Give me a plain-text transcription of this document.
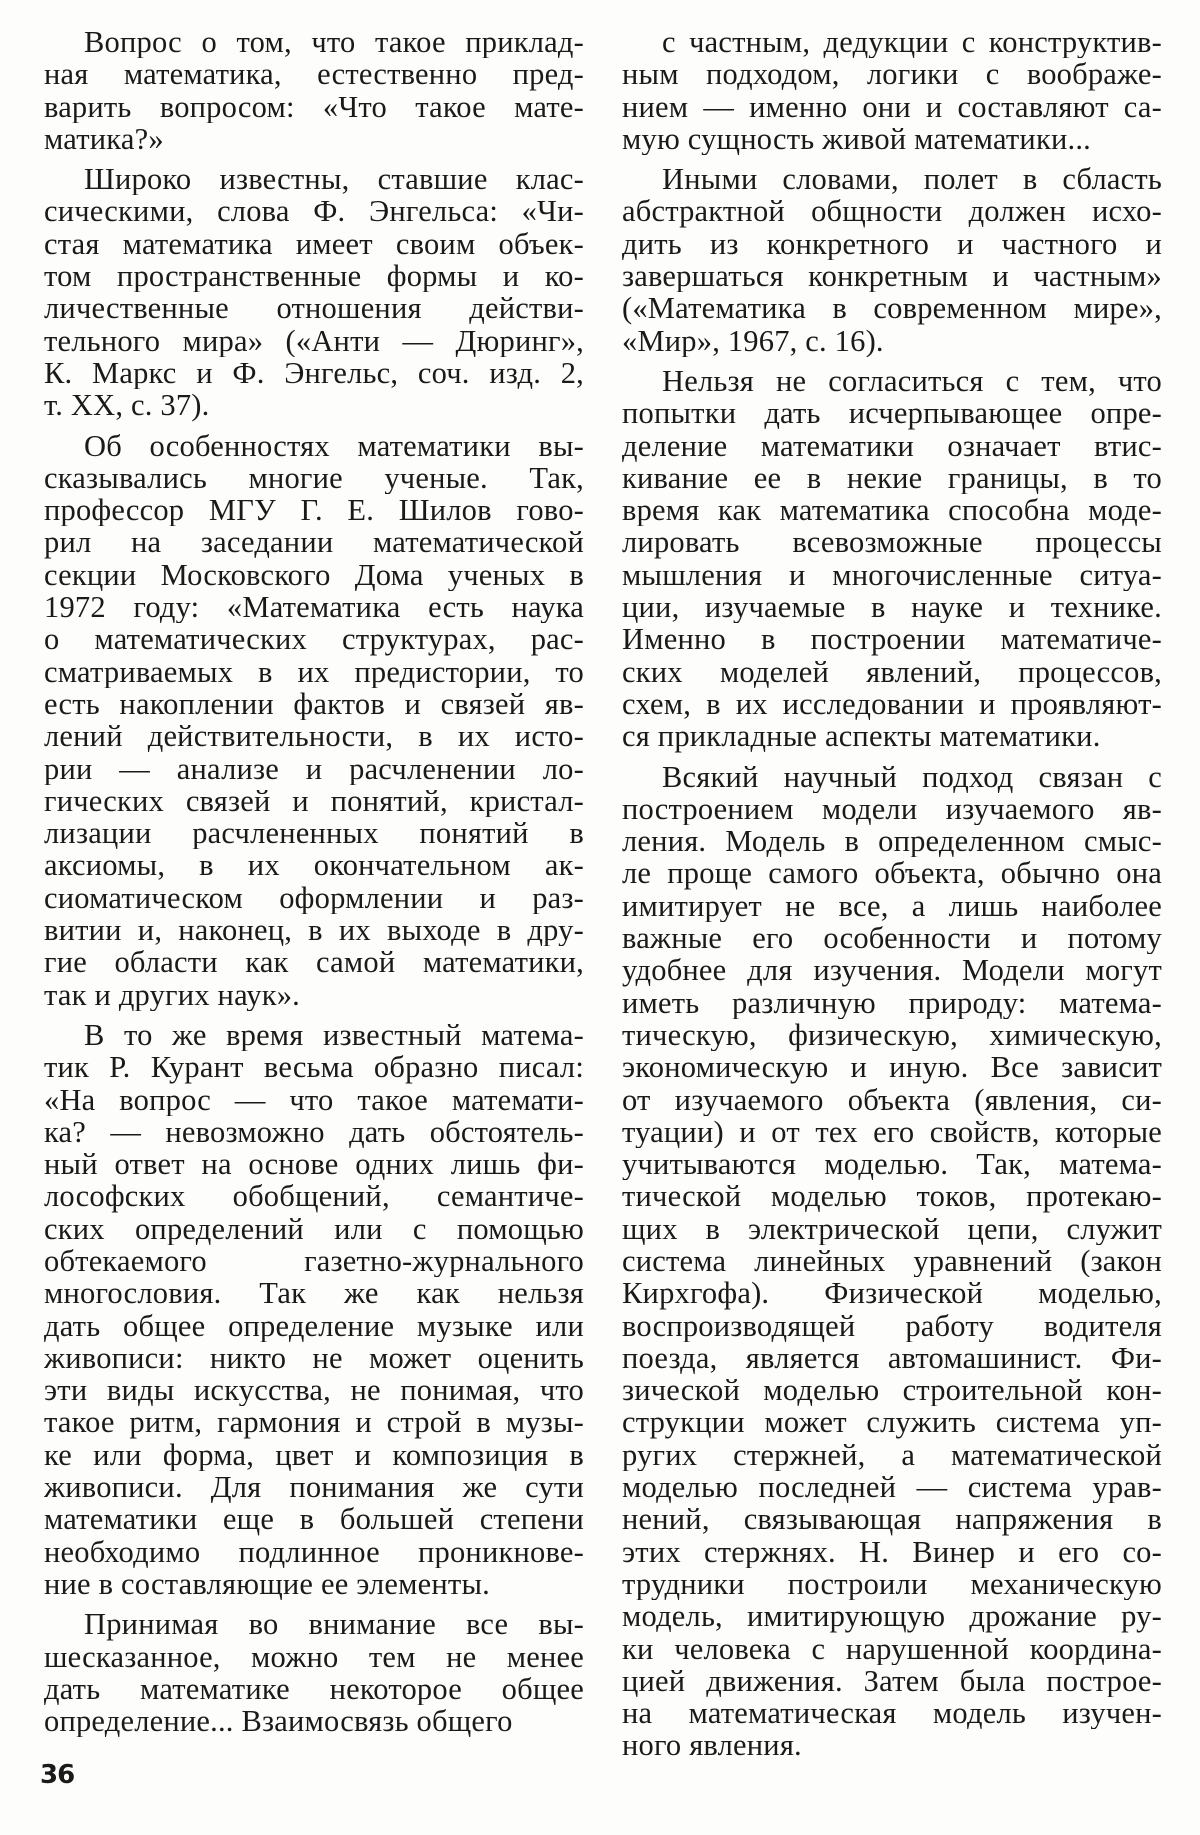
Вопрос о том, что такое приклад-
ная математика, естественно пред-
варить вопросом: «Что такое мате-
матика?»
Широко известны, ставшие клас-
сическими, слова Ф. Энгельса: «Чи-
стая математика имеет своим объек-
том пространственные формы и ко-
личественные отношения действи-
тельного мира» («Анти — Дюринг»,
К. Маркс и Ф. Энгельс, соч. изд. 2,
т. XX, с. 37).
Об особенностях математики вы-
сказывались многие ученые. Так,
профессор МГУ Г. Е. Шилов гово-
рил на заседании математической
секции Московского Дома ученых в
1972 году: «Математика есть наука
о математических структурах, рас-
сматриваемых в их предистории, то
есть накоплении фактов и связей яв-
лений действительности, в их исто-
рии — анализе и расчленении ло-
гических связей и понятий, кристал-
лизации расчлененных понятий в
аксиомы, в их окончательном ак-
сиоматическом оформлении и раз-
витии и, наконец, в их выходе в дру-
гие области как самой математики,
так и других наук».
В то же время известный матема-
тик Р. Курант весьма образно писал:
«На вопрос — что такое математи-
ка? — невозможно дать обстоятель-
ный ответ на основе одних лишь фи-
лософских обобщений, семантиче-
ских определений или с помощью
обтекаемого газетно-журнального
многословия. Так же как нельзя
дать общее определение музыке или
живописи: никто не может оценить
эти виды искусства, не понимая, что
такое ритм, гармония и строй в музы-
ке или форма, цвет и композиция в
живописи. Для понимания же сути
математики еще в большей степени
необходимо подлинное проникнове-
ние в составляющие ее элементы.
Принимая во внимание все вы-
шесказанное, можно тем не менее
дать математике некоторое общее
определение... Взаимосвязь общего
с частным, дедукции с конструктив-
ным подходом, логики с воображе-
нием — именно они и составляют са-
мую сущность живой математики...
Иными словами, полет в сбласть
абстрактной общности должен исхо-
дить из конкретного и частного и
завершаться конкретным и частным»
(«Математика в современном мире»,
«Мир», 1967, с. 16).
Нельзя не согласиться с тем, что
попытки дать исчерпывающее опре-
деление математики означает втис-
кивание ее в некие границы, в то
время как математика способна моде-
лировать всевозможные процессы
мышления и многочисленные ситуа-
ции, изучаемые в науке и технике.
Именно в построении математиче-
ских моделей явлений, процессов,
схем, в их исследовании и проявляют-
ся прикладные аспекты математики.
Всякий научный подход связан с
построением модели изучаемого яв-
ления. Модель в определенном смыс-
ле проще самого объекта, обычно она
имитирует не все, а лишь наиболее
важные его особенности и потому
удобнее для изучения. Модели могут
иметь различную природу: матема-
тическую, физическую, химическую,
экономическую и иную. Все зависит
от изучаемого объекта (явления, си-
туации) и от тех его свойств, которые
учитываются моделью. Так, матема-
тической моделью токов, протекаю-
щих в электрической цепи, служит
система линейных уравнений (закон
Кирхгофа). Физической моделью,
воспроизводящей работу водителя
поезда, является автомашинист. Фи-
зической моделью строительной кон-
струкции может служить система уп-
ругих стержней, а математической
моделью последней — система урав-
нений, связывающая напряжения в
этих стержнях. Н. Винер и его со-
трудники построили механическую
модель, имитирующую дрожание ру-
ки человека с нарушенной координа-
цией движения. Затем была построе-
на математическая модель изучен-
ного явления.
36
